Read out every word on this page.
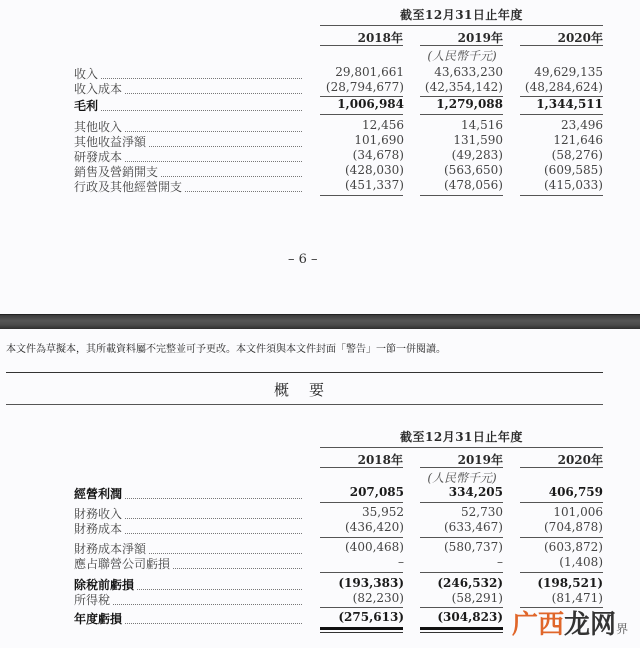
截至12月31日止年度
2018年	2019年	2020年
(人民幣千元)
收入	29,801,661	43,633,230	49,629,135
收入成本	(28,794,677)	(42,354,142)	(48,284,624)
毛利	1,006,984	1,279,088	1,344,511
其他收入	12,456	14,516	23,496
其他收益淨額	101,690	131,590	121,646
研發成本	(34,678)	(49,283)	(58,276)
銷售及營銷開支	(428,030)	(563,650)	(609,585)
行政及其他經營開支	(451,337)	(478,056)	(415,033)
– 6 –
本文件為草擬本，其所載資料屬不完整並可予更改。本文件須與本文件封面「警告」一節一併閱讀。
概要
截至12月31日止年度
2018年	2019年	2020年
(人民幣千元)
經營利潤	207,085	334,205	406,759
財務收入	35,952	52,730	101,006
財務成本	(436,420)	(633,467)	(704,878)
財務成本淨額	(400,468)	(580,737)	(603,872)
應占聯營公司虧損	–	–	(1,408)
除稅前虧損	(193,383)	(246,532)	(198,521)
所得稅	(82,230)	(58,291)	(81,471)
年度虧損	(275,613)	(304,823) 广西龙网界
